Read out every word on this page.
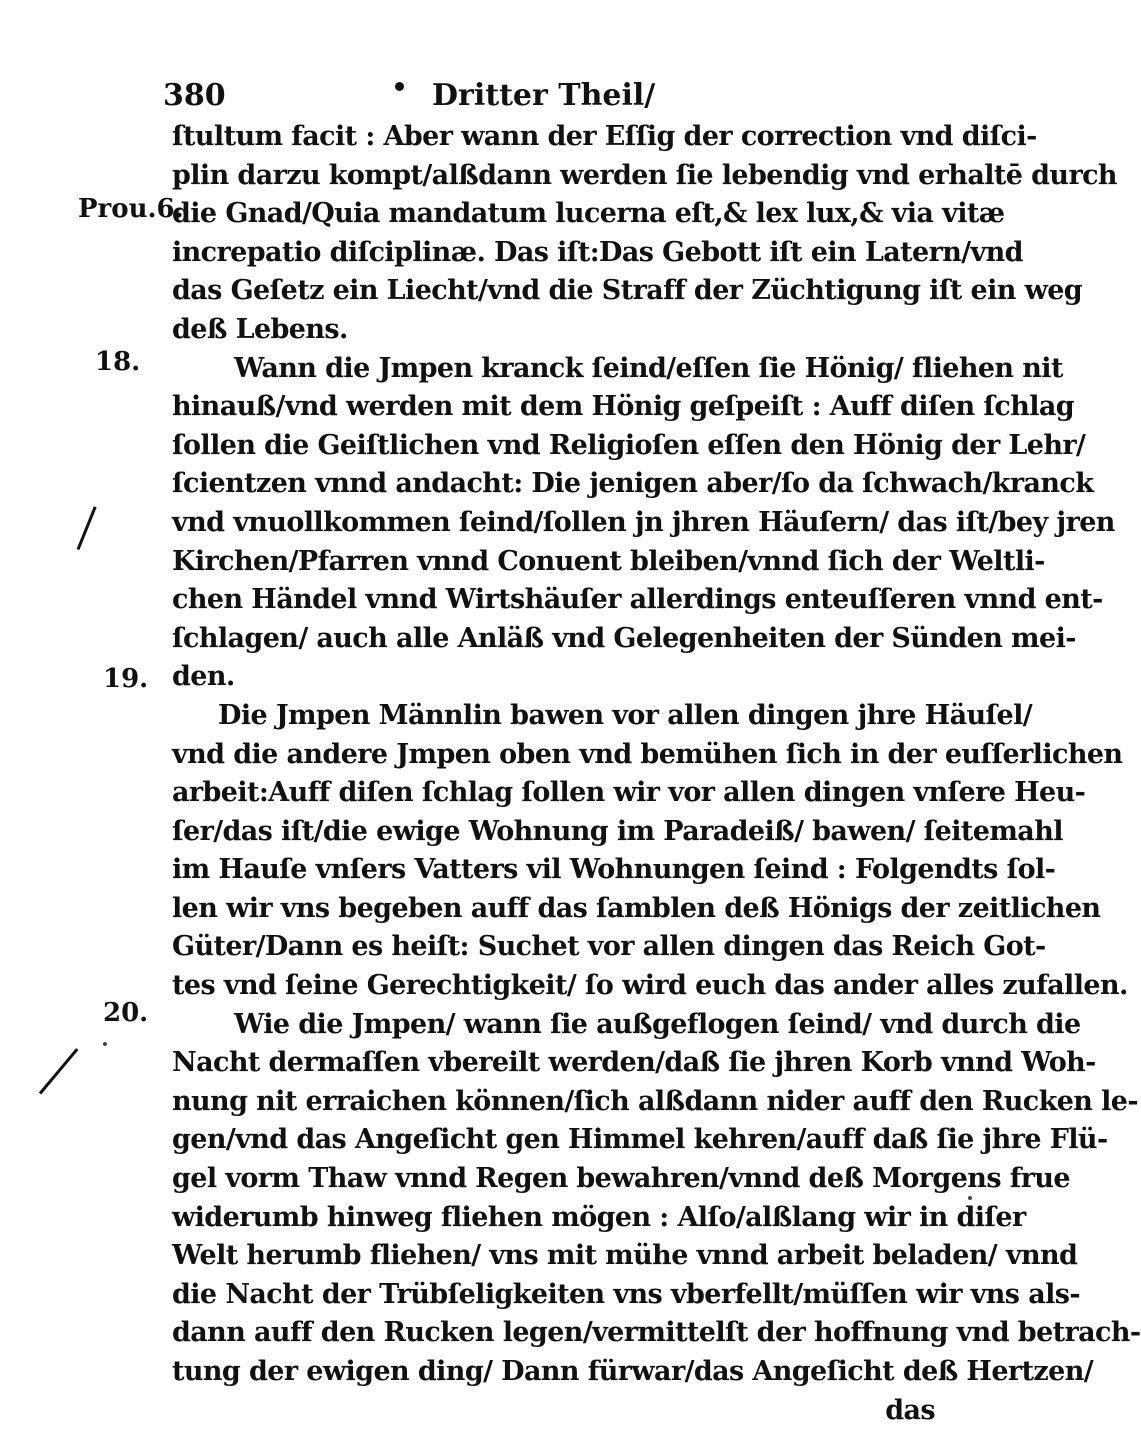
380	Dritter Theil/
Prou.6.
18.
19.
20.
ſtultum facit : Aber wann der Eſſig der correction vnd diſci-
plin darzu kompt/alßdann werden ſie lebendig vnd erhaltē durch
die Gnad/Quia mandatum lucerna eſt,& lex lux,& via vitæ
increpatio diſciplinæ. Das iſt:Das Gebott iſt ein Latern/vnd
das Geſetz ein Liecht/vnd die Straff der Züchtigung iſt ein weg
deß Lebens.
Wann die Jmpen kranck ſeind/eſſen ſie Hönig/ fliehen nit
hinauß/vnd werden mit dem Hönig geſpeiſt : Auff diſen ſchlag
ſollen die Geiſtlichen vnd Religioſen eſſen den Hönig der Lehr/
ſcientzen vnnd andacht: Die jenigen aber/ſo da ſchwach/kranck
vnd vnuollkommen ſeind/ſollen jn jhren Häuſern/ das iſt/bey jren
Kirchen/Pfarren vnnd Conuent bleiben/vnnd ſich der Weltli-
chen Händel vnnd Wirtshäuſer allerdings enteuſſeren vnnd ent-
ſchlagen/ auch alle Anläß vnd Gelegenheiten der Sünden mei-
den.
Die Jmpen Männlin bawen vor allen dingen jhre Häuſel/
vnd die andere Jmpen oben vnd bemühen ſich in der euſſerlichen
arbeit:Auff diſen ſchlag ſollen wir vor allen dingen vnſere Heu-
ſer/das iſt/die ewige Wohnung im Paradeiß/ bawen/ ſeitemahl
im Hauſe vnſers Vatters vil Wohnungen ſeind : Folgendts ſol-
len wir vns begeben auff das ſamblen deß Hönigs der zeitlichen
Güter/Dann es heiſt: Suchet vor allen dingen das Reich Got-
tes vnd ſeine Gerechtigkeit/ ſo wird euch das ander alles zufallen.
Wie die Jmpen/ wann ſie außgeflogen ſeind/ vnd durch die
Nacht dermaſſen vbereilt werden/daß ſie jhren Korb vnnd Woh-
nung nit erraichen können/ſich alßdann nider auff den Rucken le-
gen/vnd das Angeſicht gen Himmel kehren/auff daß ſie jhre Flü-
gel vorm Thaw vnnd Regen bewahren/vnnd deß Morgens frue
widerumb hinweg fliehen mögen : Alſo/alßlang wir in diſer
Welt herumb fliehen/ vns mit mühe vnnd arbeit beladen/ vnnd
die Nacht der Trübſeligkeiten vns vberfellt/müſſen wir vns als-
dann auff den Rucken legen/vermittelſt der hoffnung vnd betrach-
tung der ewigen ding/ Dann fürwar/das Angeſicht deß Hertzen/
das
